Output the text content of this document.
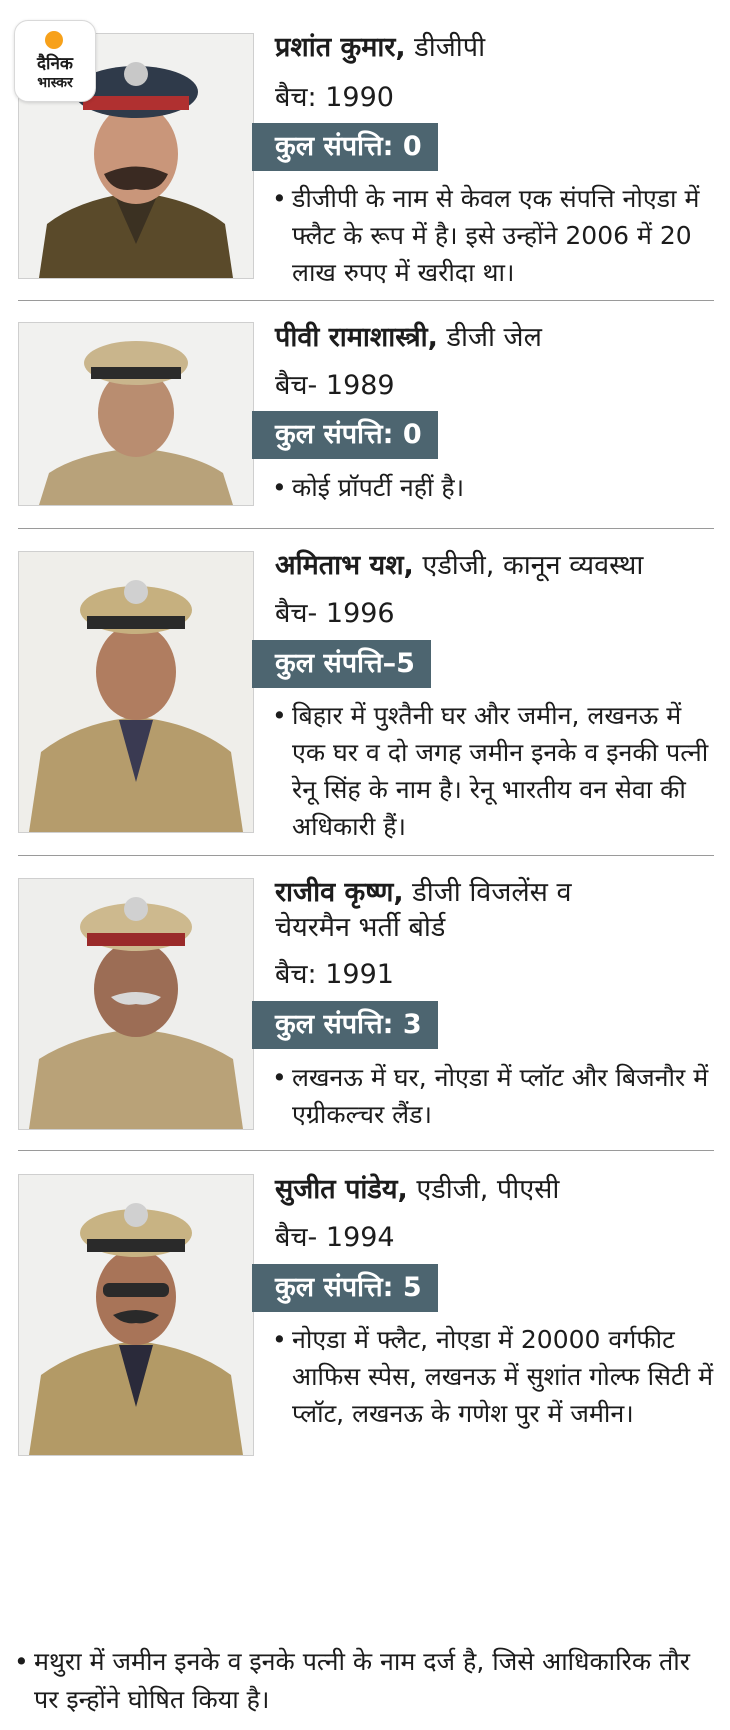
दैनिक
भास्कर
प्रशांत कुमार, डीजीपी
बैच: 1990
कुल संपत्ति: 0
• डीजीपी के नाम से केवल एक संपत्ति नोएडा में फ्लैट के रूप में है। इसे उन्होंने 2006 में 20 लाख रुपए में खरीदा था।
पीवी रामाशास्त्री, डीजी जेल
बैच- 1989
कुल संपत्ति: 0
• कोई प्रॉपर्टी नहीं है।
अमिताभ यश, एडीजी, कानून व्यवस्था
बैच- 1996
कुल संपत्ति–5
• बिहार में पुश्तैनी घर और जमीन, लखनऊ में एक घर व दो जगह जमीन इनके व इनकी पत्नी रेनू सिंह के नाम है। रेनू भारतीय वन सेवा की अधिकारी हैं।
राजीव कृष्ण, डीजी विजलेंस व
चेयरमैन भर्ती बोर्ड
बैच: 1991
कुल संपत्ति: 3
• लखनऊ में घर, नोएडा में प्लॉट और बिजनौर में एग्रीकल्चर लैंड।
सुजीत पांडेय, एडीजी, पीएसी
बैच- 1994
कुल संपत्ति: 5
• नोएडा में फ्लैट, नोएडा में 20000 वर्गफीट आफिस स्पेस, लखनऊ में सुशांत गोल्फ सिटी में प्लॉट, लखनऊ के गणेश पुर में जमीन।
• मथुरा में जमीन इनके व इनके पत्नी के नाम दर्ज है, जिसे आधिकारिक तौर पर इन्होंने घोषित किया है।
